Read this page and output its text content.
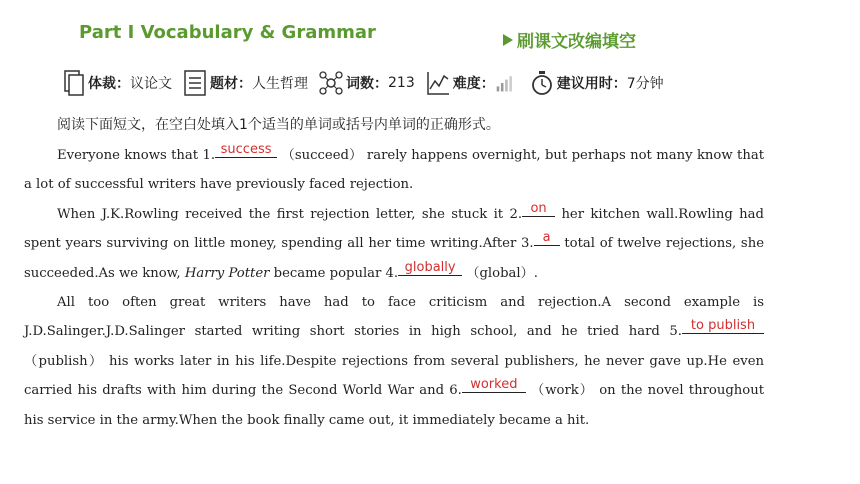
Part Ⅰ Vocabulary & Grammar	刷课文改编填空
体裁： 议论文	题材： 人生哲理	词数： 213	难度：	建议用时： 7分钟
阅读下面短文，在空白处填入1个适当的单词或括号内单词的正确形式。

Everyone knows that 1. success （succeed） rarely happens overnight, but perhaps not many know that a lot of successful writers have previously faced rejection.

When J.K.Rowling received the first rejection letter, she stuck it 2. on her kitchen wall.Rowling had spent years surviving on little money, spending all her time writing.After 3. a total of twelve rejections, she succeeded.As we know, Harry Potter became popular 4. globally （global）.

All too often great writers have had to face criticism and rejection.A second example is J.D.Salinger.J.D.Salinger started writing short stories in high school, and he tried hard 5. to publish （publish） his works later in his life.Despite rejections from several publishers, he never gave up.He even carried his drafts with him during the Second World War and 6. worked （work） on the novel throughout his service in the army.When the book finally came out, it immediately became a hit.
